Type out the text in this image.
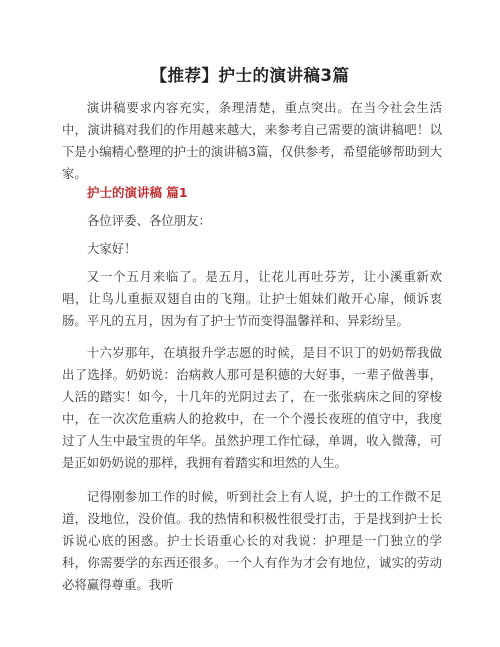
【推荐】护士的演讲稿3篇

演讲稿要求内容充实，条理清楚，重点突出。在当今社会生活中，演讲稿对我们的作用越来越大，来参考自己需要的演讲稿吧！以下是小编精心整理的护士的演讲稿3篇，仅供参考，希望能够帮助到大家。

护士的演讲稿 篇1

各位评委、各位朋友：

大家好！

又一个五月来临了。是五月，让花儿再吐芬芳，让小溪重新欢唱，让鸟儿重振双翅自由的飞翔。让护士姐妹们敞开心扉，倾诉衷肠。平凡的五月，因为有了护士节而变得温馨祥和、异彩纷呈。

十六岁那年，在填报升学志愿的时候，是目不识丁的奶奶帮我做出了选择。奶奶说：治病救人那可是积德的大好事，一辈子做善事，人活的踏实！如今，十几年的光阴过去了，在一张张病床之间的穿梭中，在一次次危重病人的抢救中，在一个个漫长夜班的值守中，我度过了人生中最宝贵的年华。虽然护理工作忙碌，单调，收入微薄，可是正如奶奶说的那样，我拥有着踏实和坦然的人生。

记得刚参加工作的时候，听到社会上有人说，护士的工作微不足道，没地位，没价值。我的热情和积极性很受打击，于是找到护士长诉说心底的困惑。护士长语重心长的对我说：护理是一门独立的学科，你需要学的东西还很多。一个人有作为才会有地位，诚实的劳动必将赢得尊重。我听
